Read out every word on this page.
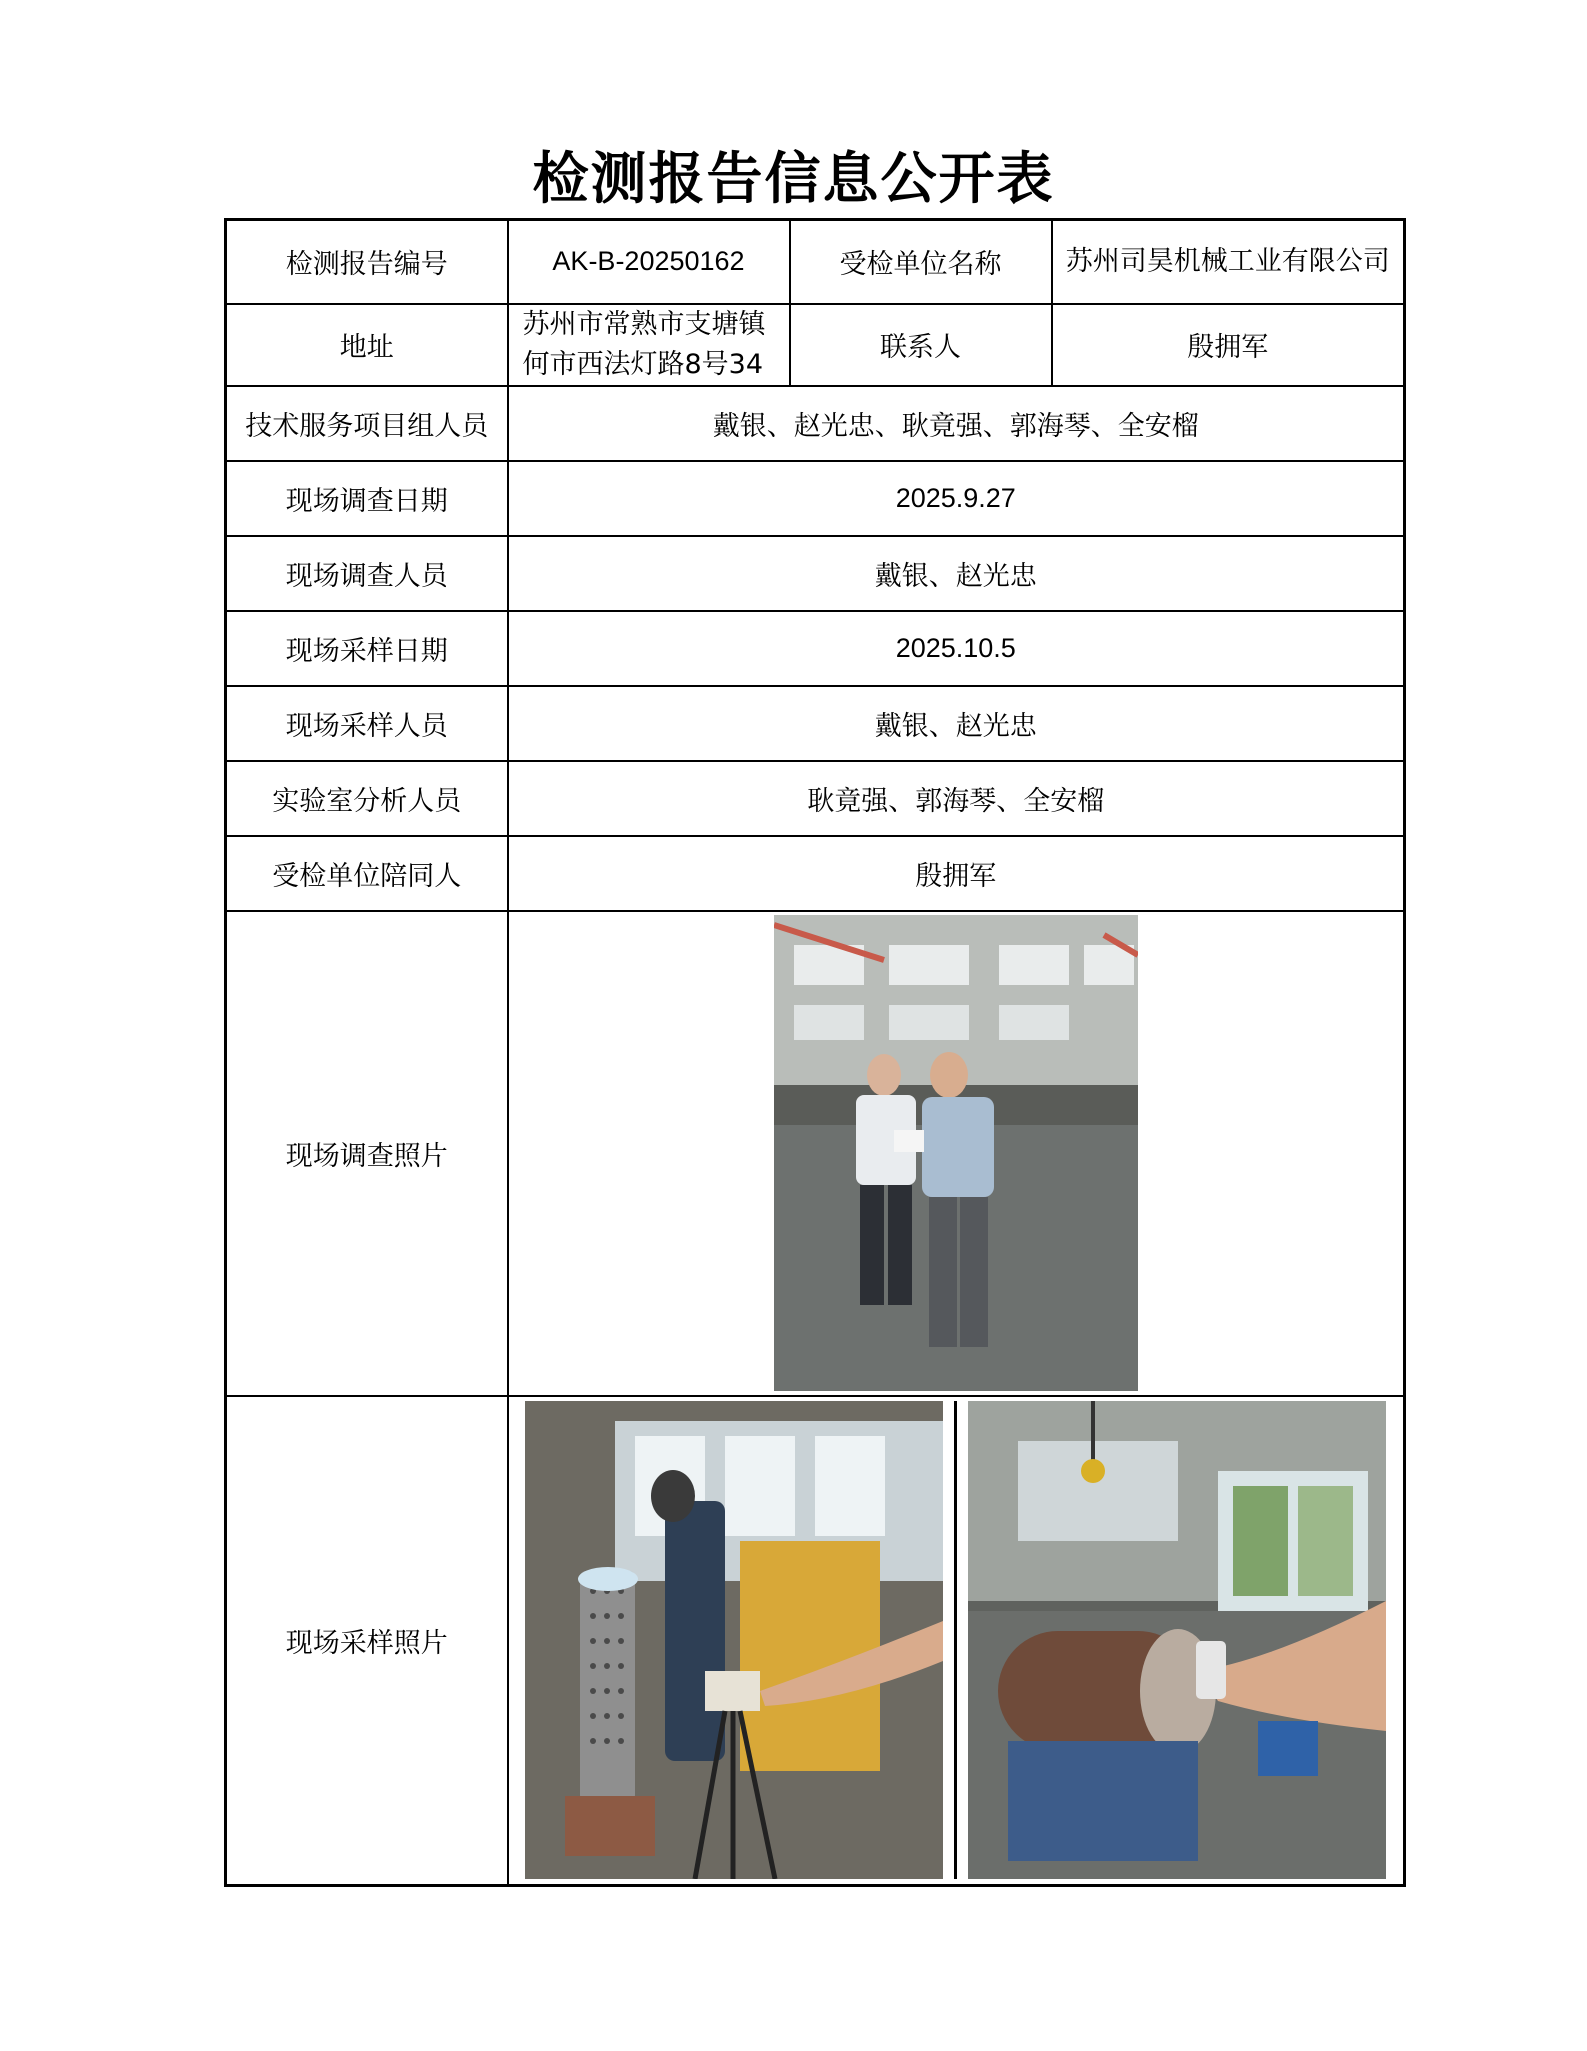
检测报告信息公开表
检测报告编号	AK-B-20250162	受检单位名称	苏州司昊机械工业有限公司
地址	苏州市常熟市支塘镇何市西法灯路8号34	联系人	殷拥军
技术服务项目组人员	戴银、赵光忠、耿竟强、郭海琴、全安榴		
现场调查日期	2025.9.27		
现场调查人员	戴银、赵光忠		
现场采样日期	2025.10.5		
现场采样人员	戴银、赵光忠		
实验室分析人员	耿竟强、郭海琴、全安榴		
受检单位陪同人	殷拥军		
现场调查照片	

现场采样照片	
